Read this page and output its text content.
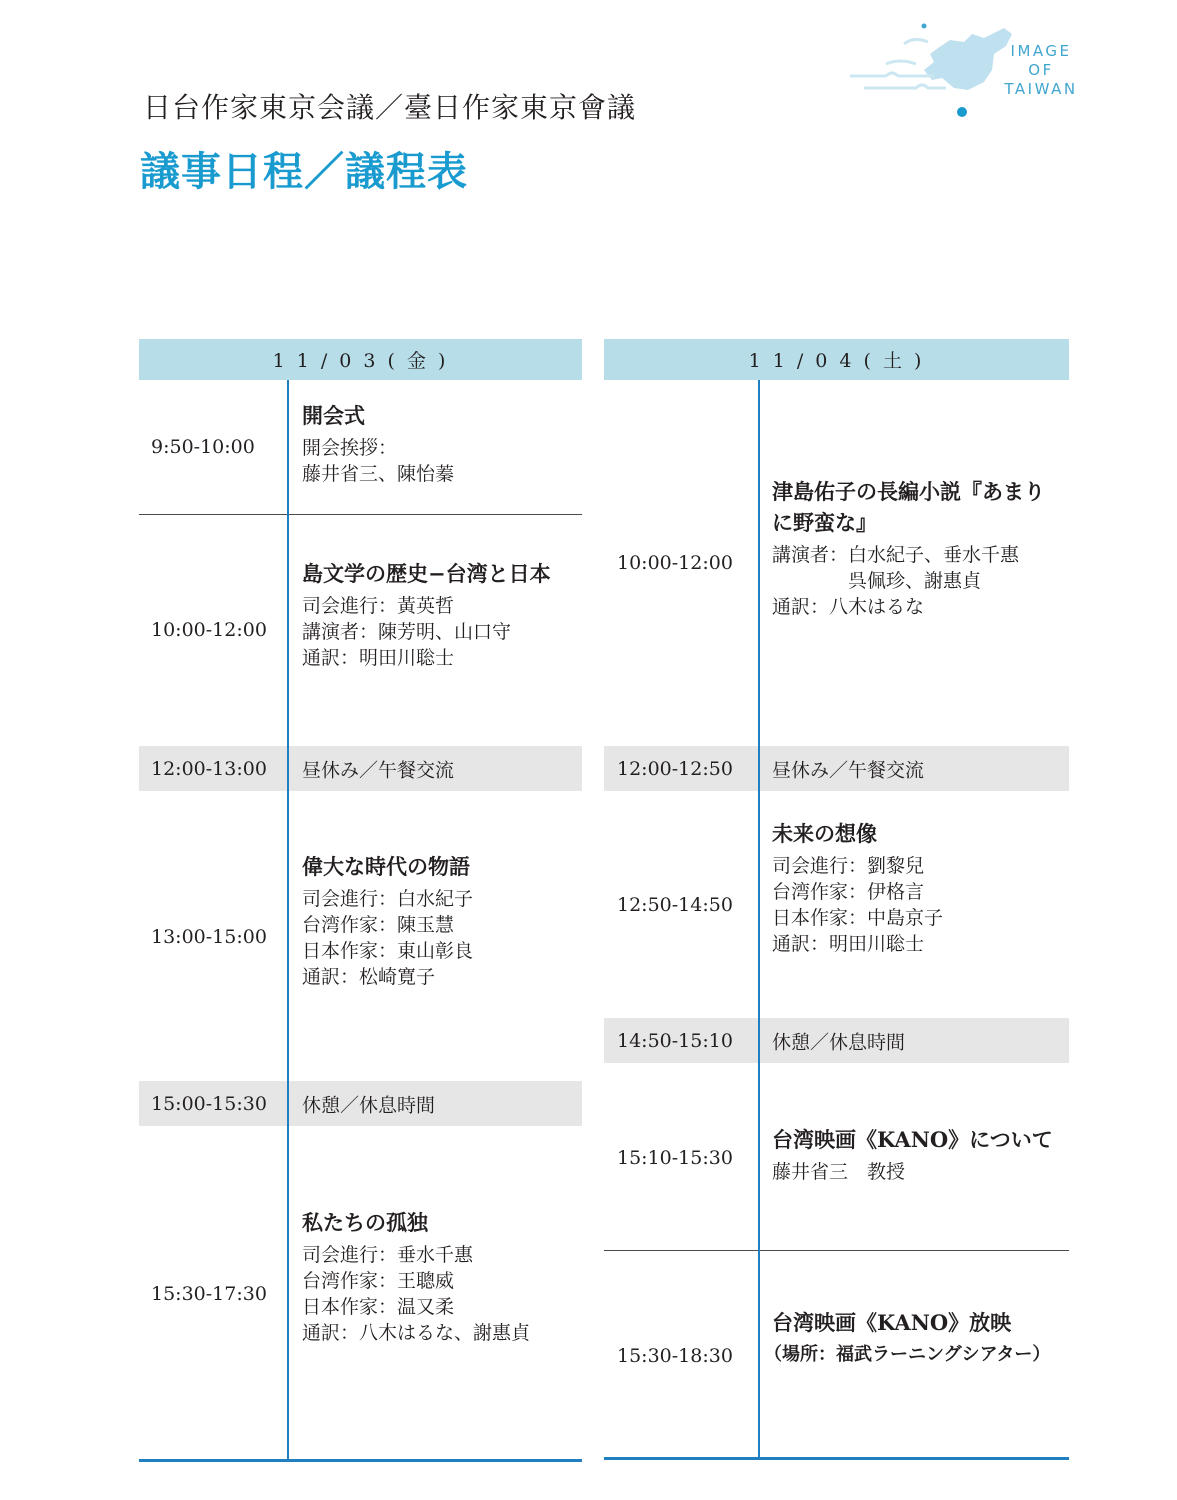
日台作家東京会議／臺日作家東京會議
議事日程／議程表
IMAGE
OF
TAIWAN
1 1 / 0 3 ( 金 )
9:50-10:00
開会式
開会挨拶：
藤井省三、陳怡蓁
10:00-12:00
島文学の歴史−台湾と日本
司会進行：黃英哲
講演者：陳芳明、山口守
通訳：明田川聡士
12:00-13:00 昼休み／午餐交流
13:00-15:00
偉大な時代の物語
司会進行：白水紀子
台湾作家：陳玉慧
日本作家：東山彰良
通訳：松崎寛子
15:00-15:30 休憩／休息時間
15:30-17:30
私たちの孤独
司会進行：垂水千惠
台湾作家：王聰威
日本作家：温又柔
通訳：八木はるな、謝惠貞
1 1 / 0 4 ( 土 )
10:00-12:00
津島佑子の長編小説『あまり
に野蛮な』
講演者：白水紀子、垂水千惠
　　　　呉佩珍、謝惠貞
通訳：八木はるな
12:00-12:50 昼休み／午餐交流
12:50-14:50
未来の想像
司会進行：劉黎兒
台湾作家：伊格言
日本作家：中島京子
通訳：明田川聡士
14:50-15:10 休憩／休息時間
15:10-15:30
台湾映画《KANO》について
藤井省三　教授
15:30-18:30
台湾映画《KANO》放映
（場所：福武ラーニングシアター）
